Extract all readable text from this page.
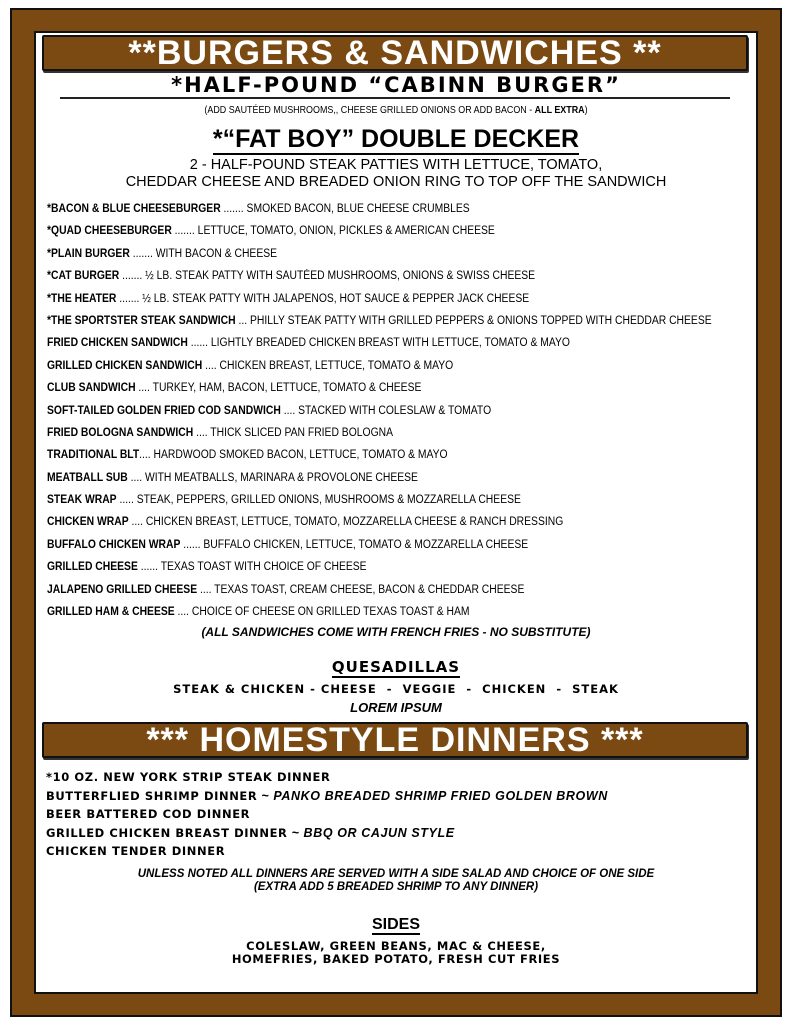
**BURGERS & SANDWICHES **
*HALF-POUND “CABINN BURGER”
(ADD SAUTÉED MUSHROOMS,, CHEESE GRILLED ONIONS OR ADD BACON - ALL EXTRA)
*“FAT BOY” DOUBLE DECKER
2 - HALF-POUND STEAK PATTIES WITH LETTUCE, TOMATO,
CHEDDAR CHEESE AND BREADED ONION RING TO TOP OFF THE SANDWICH
*BACON & BLUE CHEESEBURGER ....... SMOKED BACON, BLUE CHEESE CRUMBLES
*QUAD CHEESEBURGER ....... LETTUCE, TOMATO, ONION, PICKLES & AMERICAN CHEESE
*PLAIN BURGER ....... WITH BACON & CHEESE
*CAT BURGER ....... ½ LB. STEAK PATTY WITH SAUTÉED MUSHROOMS, ONIONS & SWISS CHEESE
*THE HEATER ....... ½ LB. STEAK PATTY WITH JALAPENOS, HOT SAUCE & PEPPER JACK CHEESE
*THE SPORTSTER STEAK SANDWICH ... PHILLY STEAK PATTY WITH GRILLED PEPPERS & ONIONS TOPPED WITH CHEDDAR CHEESE
FRIED CHICKEN SANDWICH ...... LIGHTLY BREADED CHICKEN BREAST WITH LETTUCE, TOMATO & MAYO
GRILLED CHICKEN SANDWICH .... CHICKEN BREAST, LETTUCE, TOMATO & MAYO
CLUB SANDWICH .... TURKEY, HAM, BACON, LETTUCE, TOMATO & CHEESE
SOFT-TAILED GOLDEN FRIED COD SANDWICH .... STACKED WITH COLESLAW & TOMATO
FRIED BOLOGNA SANDWICH .... THICK SLICED PAN FRIED BOLOGNA
TRADITIONAL BLT.... HARDWOOD SMOKED BACON, LETTUCE, TOMATO & MAYO
MEATBALL SUB .... WITH MEATBALLS, MARINARA & PROVOLONE CHEESE
STEAK WRAP ..... STEAK, PEPPERS, GRILLED ONIONS, MUSHROOMS & MOZZARELLA CHEESE
CHICKEN WRAP .... CHICKEN BREAST, LETTUCE, TOMATO, MOZZARELLA CHEESE & RANCH DRESSING
BUFFALO CHICKEN WRAP ...... BUFFALO CHICKEN, LETTUCE, TOMATO & MOZZARELLA CHEESE
GRILLED CHEESE ...... TEXAS TOAST WITH CHOICE OF CHEESE
JALAPENO GRILLED CHEESE .... TEXAS TOAST, CREAM CHEESE, BACON & CHEDDAR CHEESE
GRILLED HAM & CHEESE .... CHOICE OF CHEESE ON GRILLED TEXAS TOAST & HAM
(ALL SANDWICHES COME WITH FRENCH FRIES - NO SUBSTITUTE)
QUESADILLAS
STEAK & CHICKEN - CHEESE  -  VEGGIE  -  CHICKEN  -  STEAK
LOREM IPSUM
*** HOMESTYLE DINNERS ***
*10 OZ. NEW YORK STRIP STEAK DINNER
BUTTERFLIED SHRIMP DINNER ~ PANKO BREADED SHRIMP FRIED GOLDEN BROWN
BEER BATTERED COD DINNER
GRILLED CHICKEN BREAST DINNER ~ BBQ OR CAJUN STYLE
CHICKEN TENDER DINNER
UNLESS NOTED ALL DINNERS ARE SERVED WITH A SIDE SALAD AND CHOICE OF ONE SIDE
(EXTRA ADD 5 BREADED SHRIMP TO ANY DINNER)
SIDES
COLESLAW, GREEN BEANS, MAC & CHEESE,
HOMEFRIES, BAKED POTATO, FRESH CUT FRIES
